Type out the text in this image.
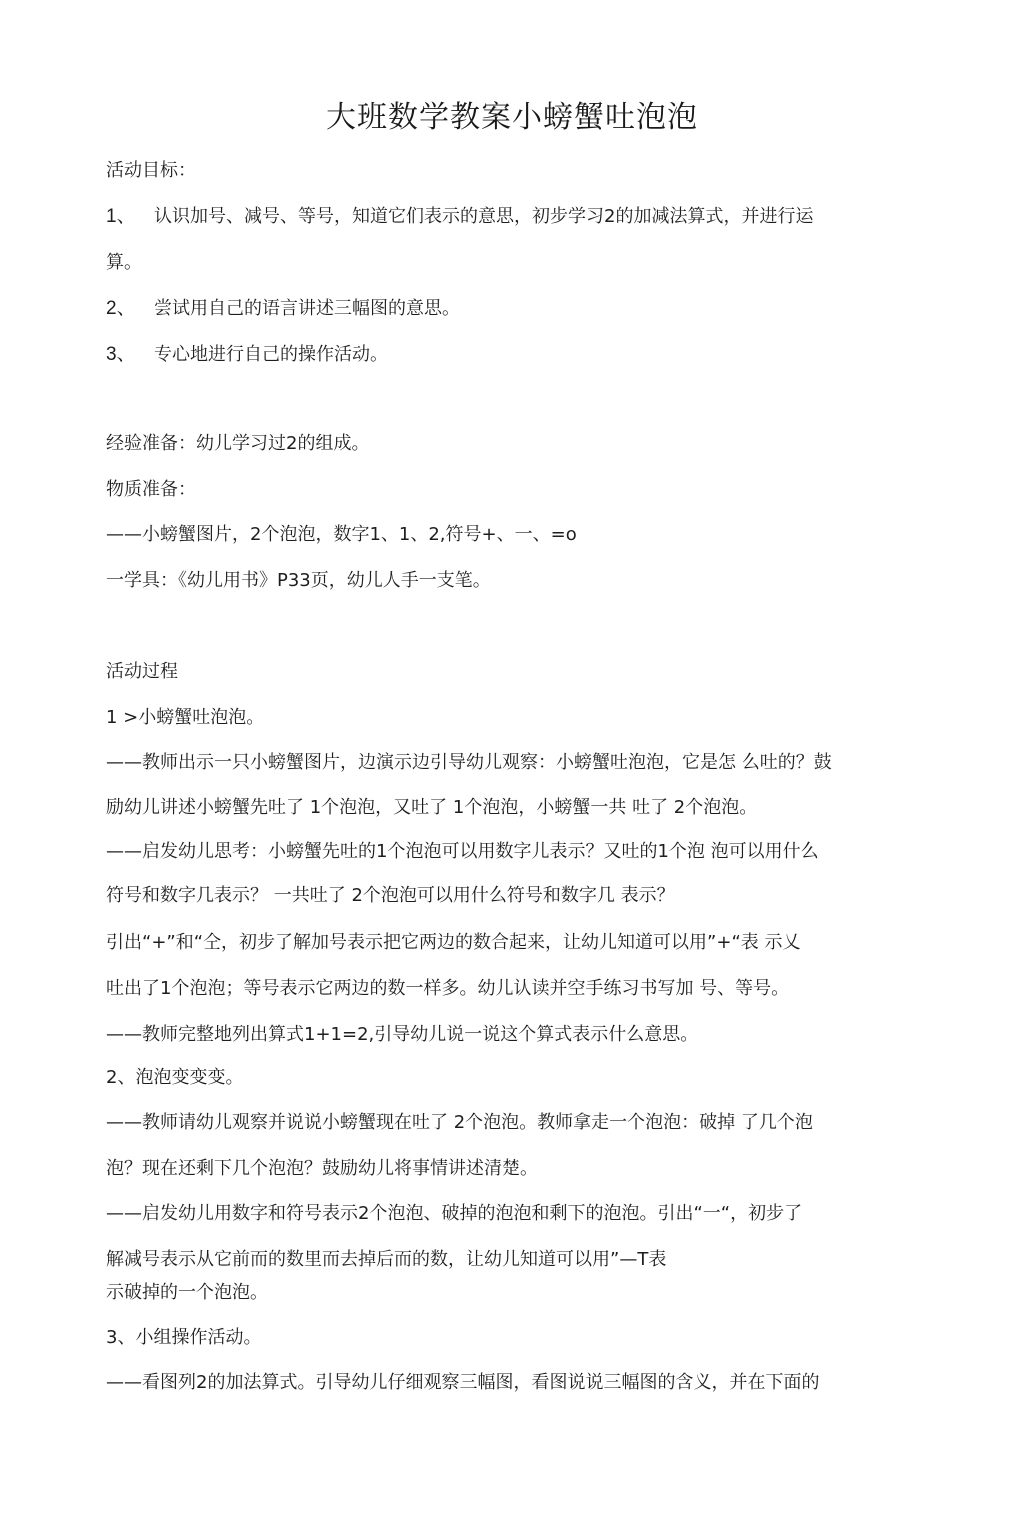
大班数学教案小螃蟹吐泡泡
活动目标：
1、 认识加号、减号、等号，知道它们表示的意思，初步学习2的加减法算式，并进行运
算。
2、 尝试用自己的语言讲述三幅图的意思。
3、 专心地进行自己的操作活动。
经验准备：幼儿学习过2的组成。
物质准备：
——小螃蟹图片，2个泡泡，数字1、1、2,符号+、一、=o
一学具：《幼儿用书》P33页，幼儿人手一支笔。
活动过程
1 >小螃蟹吐泡泡。
——教师出示一只小螃蟹图片，边演示边引导幼儿观察：小螃蟹吐泡泡，它是怎 么吐的？鼓
励幼儿讲述小螃蟹先吐了 1个泡泡，又吐了 1个泡泡，小螃蟹一共 吐了 2个泡泡。
——启发幼儿思考：小螃蟹先吐的1个泡泡可以用数字儿表示？又吐的1个泡 泡可以用什么
符号和数字几表示？ 一共吐了 2个泡泡可以用什么符号和数字几 表示？
引出“+”和“仝，初步了解加号表示把它两边的数合起来，让幼儿知道可以用”+“表 示乂
吐出了1个泡泡；等号表示它两边的数一样多。幼儿认读并空手练习书写加 号、等号。
——教师完整地列出算式1+1=2,引导幼儿说一说这个算式表示什么意思。
2、泡泡变变变。
——教师请幼儿观察并说说小螃蟹现在吐了 2个泡泡。教师拿走一个泡泡：破掉 了几个泡
泡？现在还剩下几个泡泡？鼓励幼儿将事情讲述清楚。
——启发幼儿用数字和符号表示2个泡泡、破掉的泡泡和剩下的泡泡。引出“一“，初步了
解减号表示从它前而的数里而去掉后而的数，让幼儿知道可以用”—T表
示破掉的一个泡泡。
3、小组操作活动。
——看图列2的加法算式。引导幼儿仔细观察三幅图，看图说说三幅图的含义，并在下面的
